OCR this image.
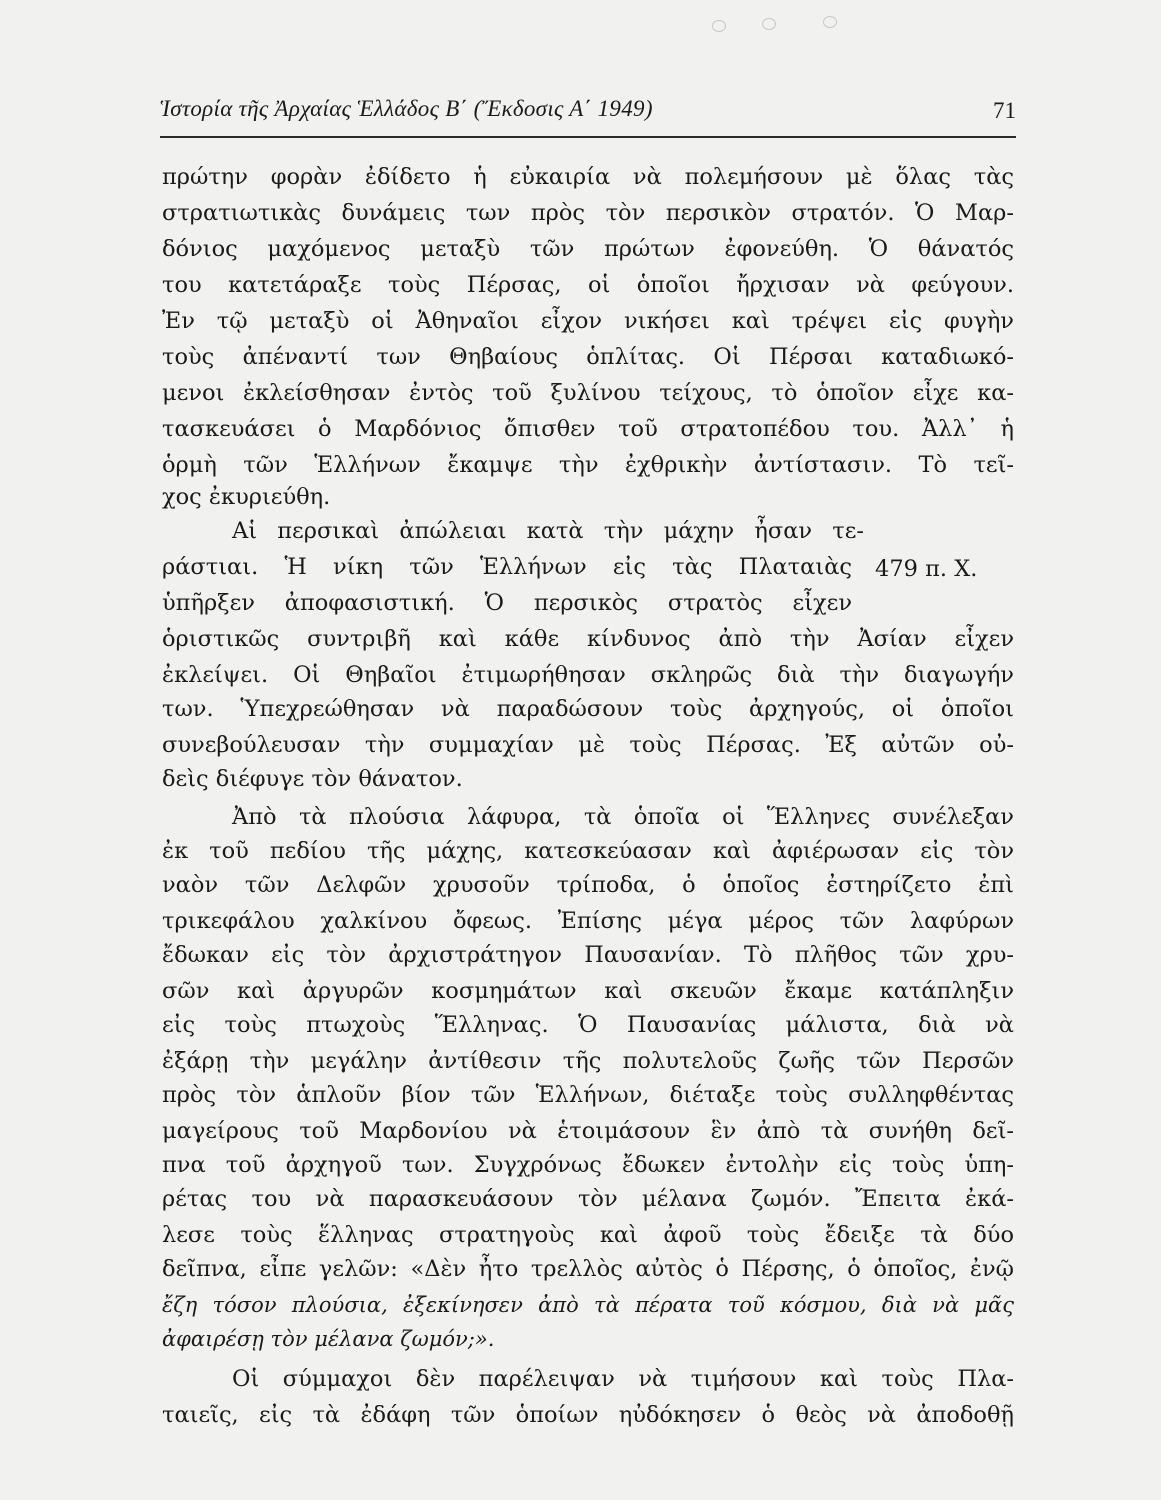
Ἱστορία τῆς Ἀρχαίας Ἑλλάδος Β΄ (Ἔκδοσις Α΄ 1949)	71
πρώτην φορὰν ἐδίδετο ἡ εὐκαιρία νὰ πολεμήσουν μὲ ὅλας τὰς
στρατιωτικὰς δυνάμεις των πρὸς τὸν περσικὸν στρατόν. Ὁ Μαρ-
δόνιος μαχόμενος μεταξὺ τῶν πρώτων ἐφονεύθη. Ὁ θάνατός
του κατετάραξε τοὺς Πέρσας, οἱ ὁποῖοι ἤρχισαν νὰ φεύγουν.
Ἐν τῷ μεταξὺ οἱ Ἀθηναῖοι εἶχον νικήσει καὶ τρέψει εἰς φυγὴν
τοὺς ἀπέναντί των Θηβαίους ὁπλίτας. Οἱ Πέρσαι καταδιωκό-
μενοι ἐκλείσθησαν ἐντὸς τοῦ ξυλίνου τείχους, τὸ ὁποῖον εἶχε κα-
τασκευάσει ὁ Μαρδόνιος ὄπισθεν τοῦ στρατοπέδου του. Ἀλλ᾽ ἡ
ὁρμὴ τῶν Ἑλλήνων ἔκαμψε τὴν ἐχθρικὴν ἀντίστασιν. Τὸ τεῖ-
χος ἐκυριεύθη.
Αἱ περσικαὶ ἀπώλειαι κατὰ τὴν μάχην ἦσαν τε-
ράστιαι. Ἡ νίκη τῶν Ἑλλήνων εἰς τὰς Πλαταιὰς
ὑπῆρξεν ἀποφασιστική. Ὁ περσικὸς στρατὸς εἶχεν
ὁριστικῶς συντριβῆ καὶ κάθε κίνδυνος ἀπὸ τὴν Ἀσίαν εἶχεν
ἐκλείψει. Οἱ Θηβαῖοι ἐτιμωρήθησαν σκληρῶς διὰ τὴν διαγωγήν
των. Ὑπεχρεώθησαν νὰ παραδώσουν τοὺς ἀρχηγούς, οἱ ὁποῖοι
συνεβούλευσαν τὴν συμμαχίαν μὲ τοὺς Πέρσας. Ἐξ αὐτῶν οὐ-
δεὶς διέφυγε τὸν θάνατον.
Ἀπὸ τὰ πλούσια λάφυρα, τὰ ὁποῖα οἱ Ἕλληνες συνέλεξαν
ἐκ τοῦ πεδίου τῆς μάχης, κατεσκεύασαν καὶ ἀφιέρωσαν εἰς τὸν
ναὸν τῶν Δελφῶν χρυσοῦν τρίποδα, ὁ ὁποῖος ἐστηρίζετο ἐπὶ
τρικεφάλου χαλκίνου ὄφεως. Ἐπίσης μέγα μέρος τῶν λαφύρων
ἔδωκαν εἰς τὸν ἀρχιστράτηγον Παυσανίαν. Τὸ πλῆθος τῶν χρυ-
σῶν καὶ ἀργυρῶν κοσμημάτων καὶ σκευῶν ἔκαμε κατάπληξιν
εἰς τοὺς πτωχοὺς Ἕλληνας. Ὁ Παυσανίας μάλιστα, διὰ νὰ
ἐξάρῃ τὴν μεγάλην ἀντίθεσιν τῆς πολυτελοῦς ζωῆς τῶν Περσῶν
πρὸς τὸν ἁπλοῦν βίον τῶν Ἑλλήνων, διέταξε τοὺς συλληφθέντας
μαγείρους τοῦ Μαρδονίου νὰ ἑτοιμάσουν ἓν ἀπὸ τὰ συνήθη δεῖ-
πνα τοῦ ἀρχηγοῦ των. Συγχρόνως ἔδωκεν ἐντολὴν εἰς τοὺς ὑπη-
ρέτας του νὰ παρασκευάσουν τὸν μέλανα ζωμόν. Ἔπειτα ἐκά-
λεσε τοὺς ἕλληνας στρατηγοὺς καὶ ἀφοῦ τοὺς ἔδειξε τὰ δύο
δεῖπνα, εἶπε γελῶν: «Δὲν ἦτο τρελλὸς αὐτὸς ὁ Πέρσης, ὁ ὁποῖος, ἐνῷ
ἔζη τόσον πλούσια, ἐξεκίνησεν ἀπὸ τὰ πέρατα τοῦ κόσμου, διὰ νὰ μᾶς
ἀφαιρέσῃ τὸν μέλανα ζωμόν;».
Οἱ σύμμαχοι δὲν παρέλειψαν νὰ τιμήσουν καὶ τοὺς Πλα-
ταιεῖς, εἰς τὰ ἐδάφη τῶν ὁποίων ηὐδόκησεν ὁ θεὸς νὰ ἀποδοθῇ
479 π. Χ.
